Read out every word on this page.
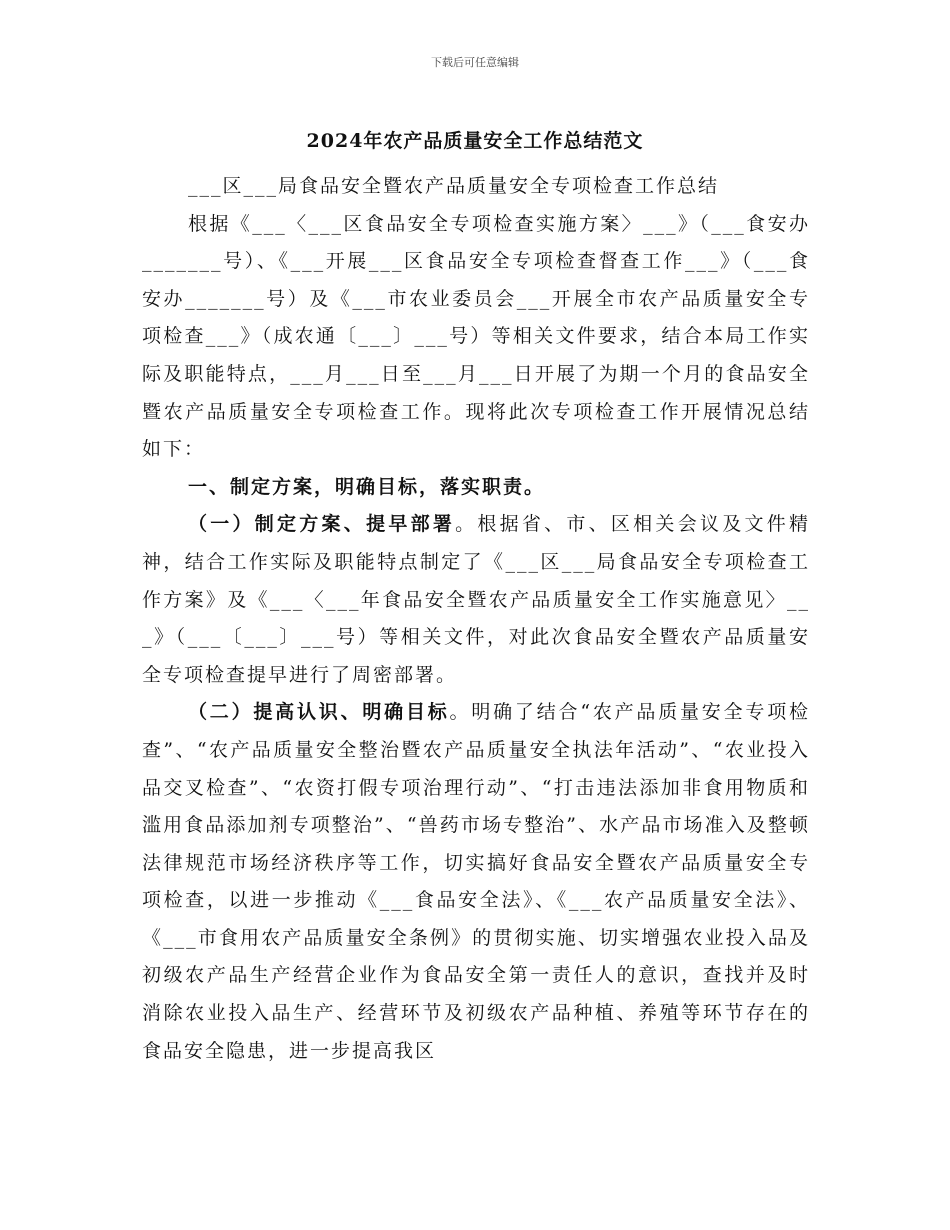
下载后可任意编辑
2024年农产品质量安全工作总结范文

___区___局食品安全暨农产品质量安全专项检查工作总结

根据《___〈___区食品安全专项检查实施方案〉___》（___食安办_______号）、《___开展___区食品安全专项检查督查工作___》（___食安办_______号）及《___市农业委员会___开展全市农产品质量安全专项检查___》（成农通〔___〕___号）等相关文件要求，结合本局工作实际及职能特点，___月___日至___月___日开展了为期一个月的食品安全暨农产品质量安全专项检查工作。现将此次专项检查工作开展情况总结如下：

一、制定方案，明确目标，落实职责。

（一）制定方案、提早部署。根据省、市、区相关会议及文件精神，结合工作实际及职能特点制定了《___区___局食品安全专项检查工作方案》及《___〈___年食品安全暨农产品质量安全工作实施意见〉___》（___〔___〕___号）等相关文件，对此次食品安全暨农产品质量安全专项检查提早进行了周密部署。

（二）提高认识、明确目标。明确了结合“农产品质量安全专项检查”、“农产品质量安全整治暨农产品质量安全执法年活动”、“农业投入品交叉检查”、“农资打假专项治理行动”、“打击违法添加非食用物质和滥用食品添加剂专项整治”、“兽药市场专整治”、水产品市场准入及整顿法律规范市场经济秩序等工作，切实搞好食品安全暨农产品质量安全专项检查，以进一步推动《___食品安全法》、《___农产品质量安全法》、《___市食用农产品质量安全条例》的贯彻实施、切实增强农业投入品及初级农产品生产经营企业作为食品安全第一责任人的意识，查找并及时消除农业投入品生产、经营环节及初级农产品种植、养殖等环节存在的食品安全隐患，进一步提高我区
